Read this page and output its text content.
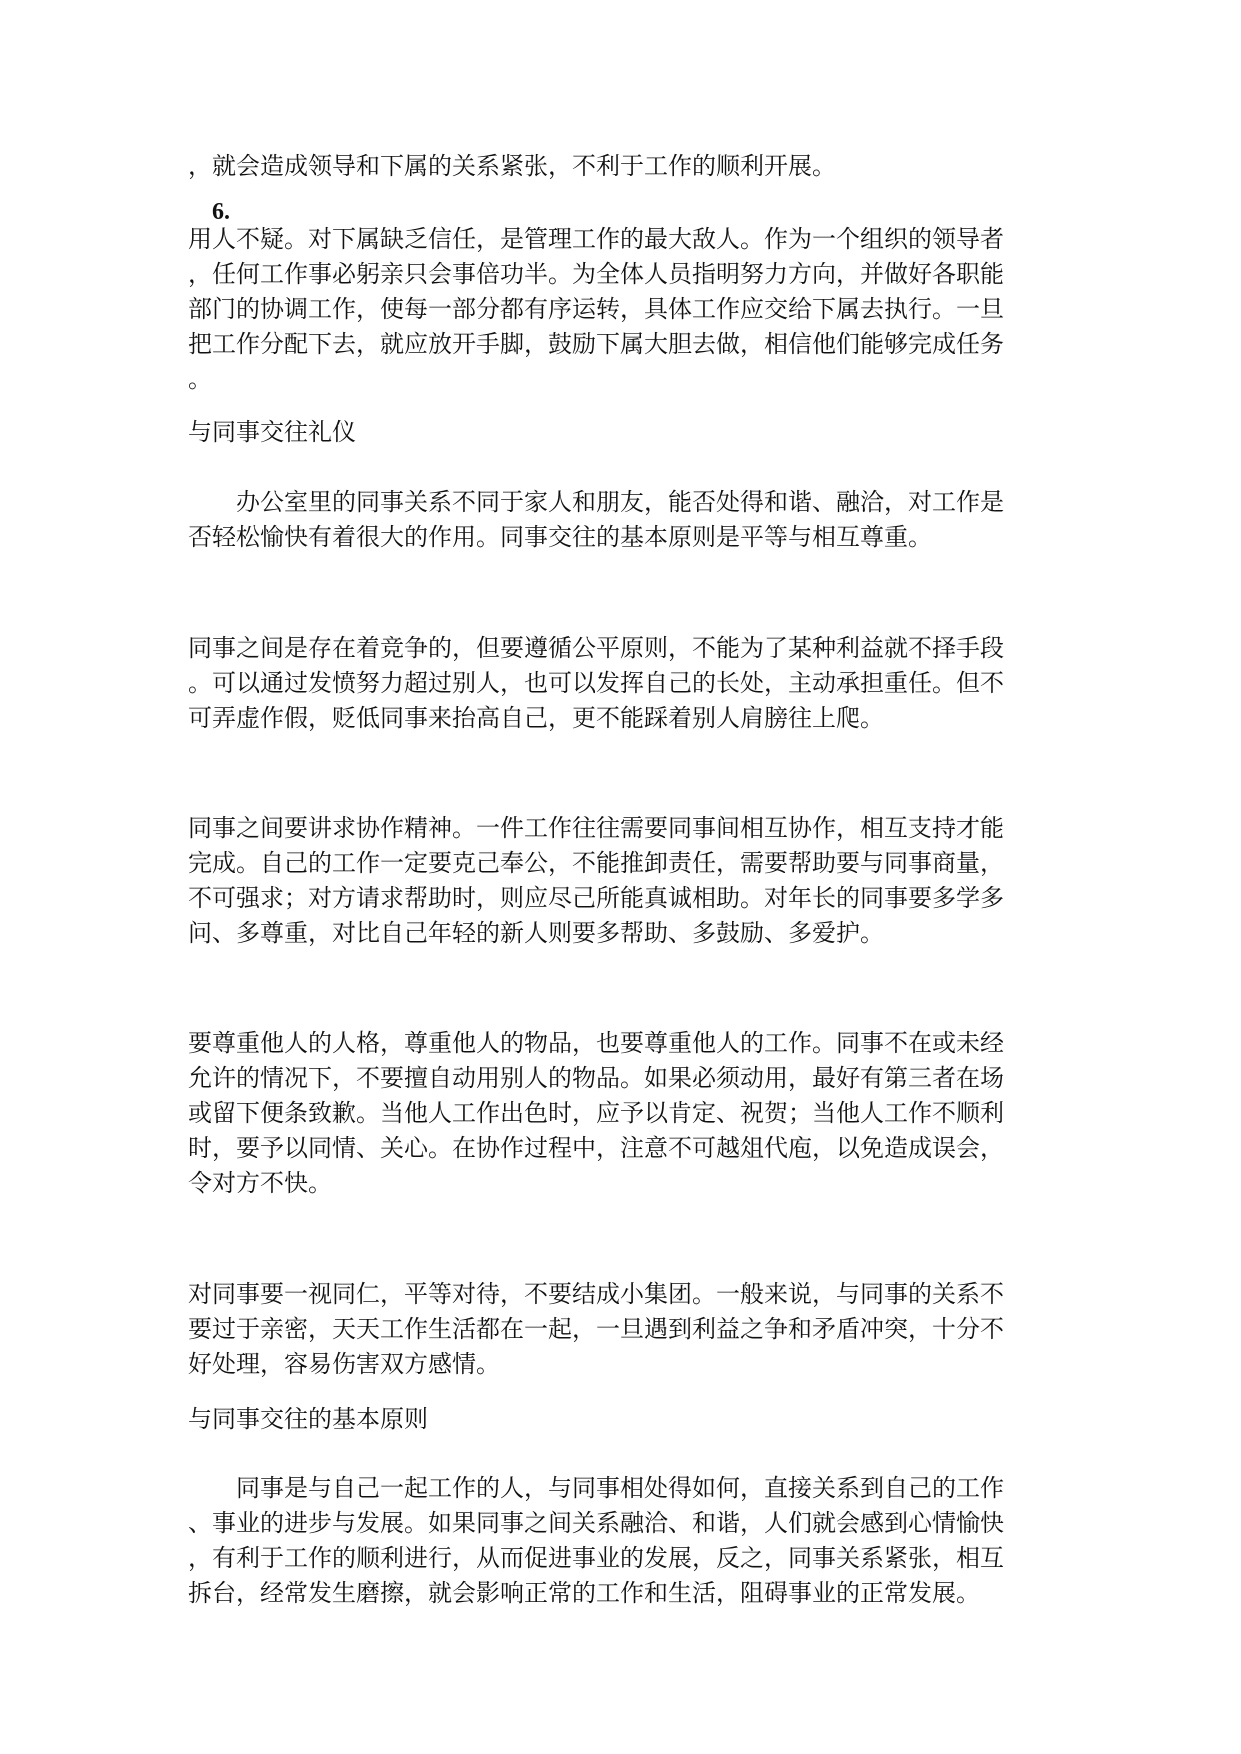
，就会造成领导和下属的关系紧张，不利于工作的顺利开展。
6.
用人不疑。对下属缺乏信任，是管理工作的最大敌人。作为一个组织的领导者
，任何工作事必躬亲只会事倍功半。为全体人员指明努力方向，并做好各职能
部门的协调工作，使每一部分都有序运转，具体工作应交给下属去执行。一旦
把工作分配下去，就应放开手脚，鼓励下属大胆去做，相信他们能够完成任务
。
与同事交往礼仪
　　办公室里的同事关系不同于家人和朋友，能否处得和谐、融洽，对工作是
否轻松愉快有着很大的作用。同事交往的基本原则是平等与相互尊重。
同事之间是存在着竞争的，但要遵循公平原则，不能为了某种利益就不择手段
。可以通过发愤努力超过别人，也可以发挥自己的长处，主动承担重任。但不
可弄虚作假，贬低同事来抬高自己，更不能踩着别人肩膀往上爬。
同事之间要讲求协作精神。一件工作往往需要同事间相互协作，相互支持才能
完成。自己的工作一定要克己奉公，不能推卸责任，需要帮助要与同事商量，
不可强求；对方请求帮助时，则应尽己所能真诚相助。对年长的同事要多学多
问、多尊重，对比自己年轻的新人则要多帮助、多鼓励、多爱护。
要尊重他人的人格，尊重他人的物品，也要尊重他人的工作。同事不在或未经
允许的情况下，不要擅自动用别人的物品。如果必须动用，最好有第三者在场
或留下便条致歉。当他人工作出色时，应予以肯定、祝贺；当他人工作不顺利
时，要予以同情、关心。在协作过程中，注意不可越俎代庖，以免造成误会，
令对方不快。
对同事要一视同仁，平等对待，不要结成小集团。一般来说，与同事的关系不
要过于亲密，天天工作生活都在一起，一旦遇到利益之争和矛盾冲突，十分不
好处理，容易伤害双方感情。
与同事交往的基本原则
　　同事是与自己一起工作的人，与同事相处得如何，直接关系到自己的工作
、事业的进步与发展。如果同事之间关系融洽、和谐，人们就会感到心情愉快
，有利于工作的顺利进行，从而促进事业的发展，反之，同事关系紧张，相互
拆台，经常发生磨擦，就会影响正常的工作和生活，阻碍事业的正常发展。
